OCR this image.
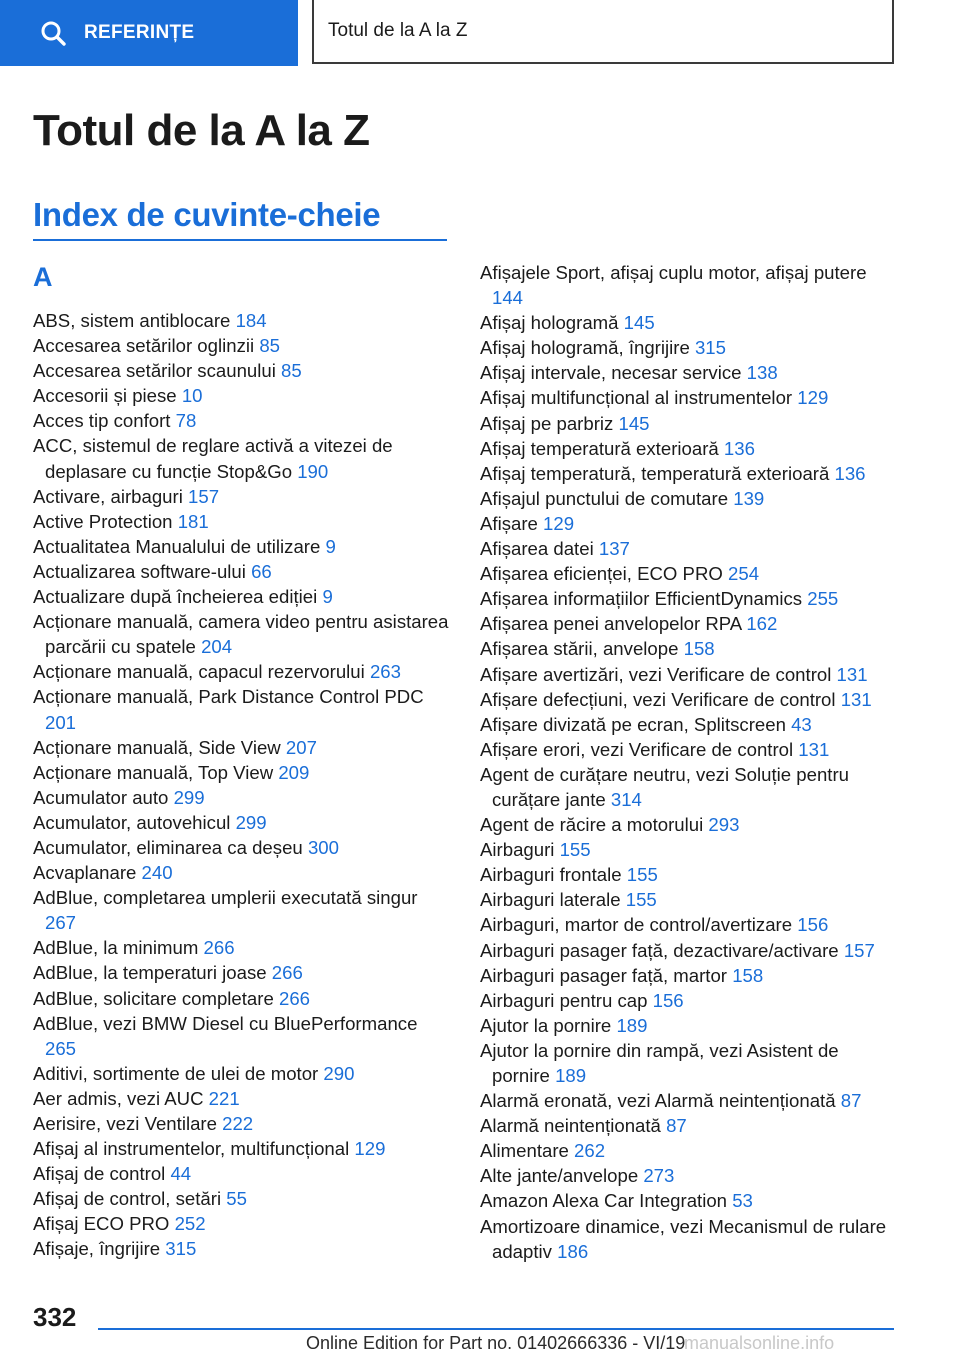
REFERINȚE	Totul de la A la Z
Totul de la A la Z
Index de cuvinte-cheie
A
ABS, sistem antiblocare 184
Accesarea setărilor oglinzii 85
Accesarea setărilor scaunului 85
Accesorii și piese 10
Acces tip confort 78
ACC, sistemul de reglare activă a vitezei de deplasare cu funcție Stop&Go 190
Activare, airbaguri 157
Active Protection 181
Actualitatea Manualului de utilizare 9
Actualizarea software-ului 66
Actualizare după încheierea ediției 9
Acționare manuală, camera video pentru asistarea parcării cu spatele 204
Acționare manuală, capacul rezervorului 263
Acționare manuală, Park Distance Control PDC 201
Acționare manuală, Side View 207
Acționare manuală, Top View 209
Acumulator auto 299
Acumulator, autovehicul 299
Acumulator, eliminarea ca deșeu 300
Acvaplanare 240
AdBlue, completarea umplerii executată singur 267
AdBlue, la minimum 266
AdBlue, la temperaturi joase 266
AdBlue, solicitare completare 266
AdBlue, vezi BMW Diesel cu BluePerformance 265
Aditivi, sortimente de ulei de motor 290
Aer admis, vezi AUC 221
Aerisire, vezi Ventilare 222
Afișaj al instrumentelor, multifuncțional 129
Afișaj de control 44
Afișaj de control, setări 55
Afișaj ECO PRO 252
Afișaje, îngrijire 315
Afișajele Sport, afișaj cuplu motor, afișaj putere 144
Afișaj hologramă 145
Afișaj hologramă, îngrijire 315
Afișaj intervale, necesar service 138
Afișaj multifuncțional al instrumentelor 129
Afișaj pe parbriz 145
Afișaj temperatură exterioară 136
Afișaj temperatură, temperatură exterioară 136
Afișajul punctului de comutare 139
Afișare 129
Afișarea datei 137
Afișarea eficienței, ECO PRO 254
Afișarea informațiilor EfficientDynamics 255
Afișarea penei anvelopelor RPA 162
Afișarea stării, anvelope 158
Afișare avertizări, vezi Verificare de control 131
Afișare defecțiuni, vezi Verificare de control 131
Afișare divizată pe ecran, Splitscreen 43
Afișare erori, vezi Verificare de control 131
Agent de curățare neutru, vezi Soluție pentru curățare jante 314
Agent de răcire a motorului 293
Airbaguri 155
Airbaguri frontale 155
Airbaguri laterale 155
Airbaguri, martor de control/avertizare 156
Airbaguri pasager față, dezactivare/activare 157
Airbaguri pasager față, martor 158
Airbaguri pentru cap 156
Ajutor la pornire 189
Ajutor la pornire din rampă, vezi Asistent de pornire 189
Alarmă eronată, vezi Alarmă neintenționată 87
Alarmă neintenționată 87
Alimentare 262
Alte jante/anvelope 273
Amazon Alexa Car Integration 53
Amortizoare dinamice, vezi Mecanismul de rulare adaptiv 186
332
Online Edition for Part no. 01402666336 - VI/19
manualsonline.info
